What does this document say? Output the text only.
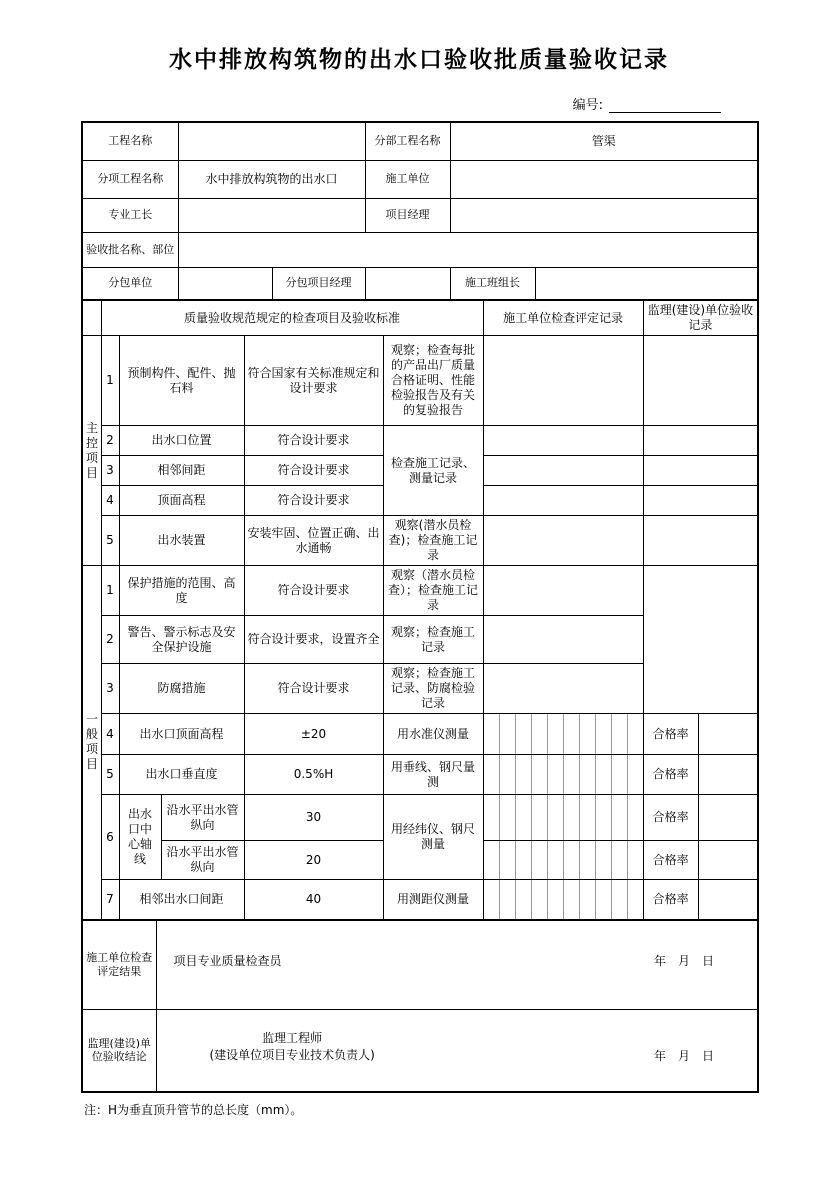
水中排放构筑物的出水口验收批质量验收记录
编号:
工程名称			分部工程名称	管渠	
分项工程名称	水中排放构筑物的出水口		施工单位		
专业工长			项目经理		
验收批名称、部位					
分包单位		分包项目经理		施工班组长	
	质量验收规范规定的检查项目及验收标准					施工单位检查评定记录										监理(建设)单位验收记录	
主控项目	1	预制构件、配件、抛石料		符合国家有关标准规定和设计要求	观察；检查每批的产品出厂质量合格证明、性能检验报告及有关的复验报告												
	2	出水口位置		符合设计要求	检查施工记录、测量记录												
	3	相邻间距		符合设计要求													
	4	顶面高程		符合设计要求													
	5	出水装置		安装牢固、位置正确、出水通畅	观察(潜水员检查)；检查施工记录												
一般项目	1	保护措施的范围、高度		符合设计要求	观察（潜水员检查）；检查施工记录												
	2	警告、警示标志及安全保护设施		符合设计要求，设置齐全	观察；检查施工记录												
	3	防腐措施		符合设计要求	观察；检查施工记录、防腐检验记录												
	4	出水口顶面高程		±20	用水准仪测量											合格率	
	5	出水口垂直度		0.5%H	用垂线、钢尺量测											合格率	
	6	出水口中心轴线	沿水平出水管纵向	30	用经纬仪、钢尺测量											合格率	
			沿水平出水管纵向	20												合格率	
	7	相邻出水口间距		40	用测距仪测量											合格率	
施工单位检查评定结果	项目专业质量检查员 年　月　日

监理(建设)单位验收结论	监理工程师
(建设单位项目专业技术负责人) 年　月　日
注：H为垂直顶升管节的总长度（mm）。
